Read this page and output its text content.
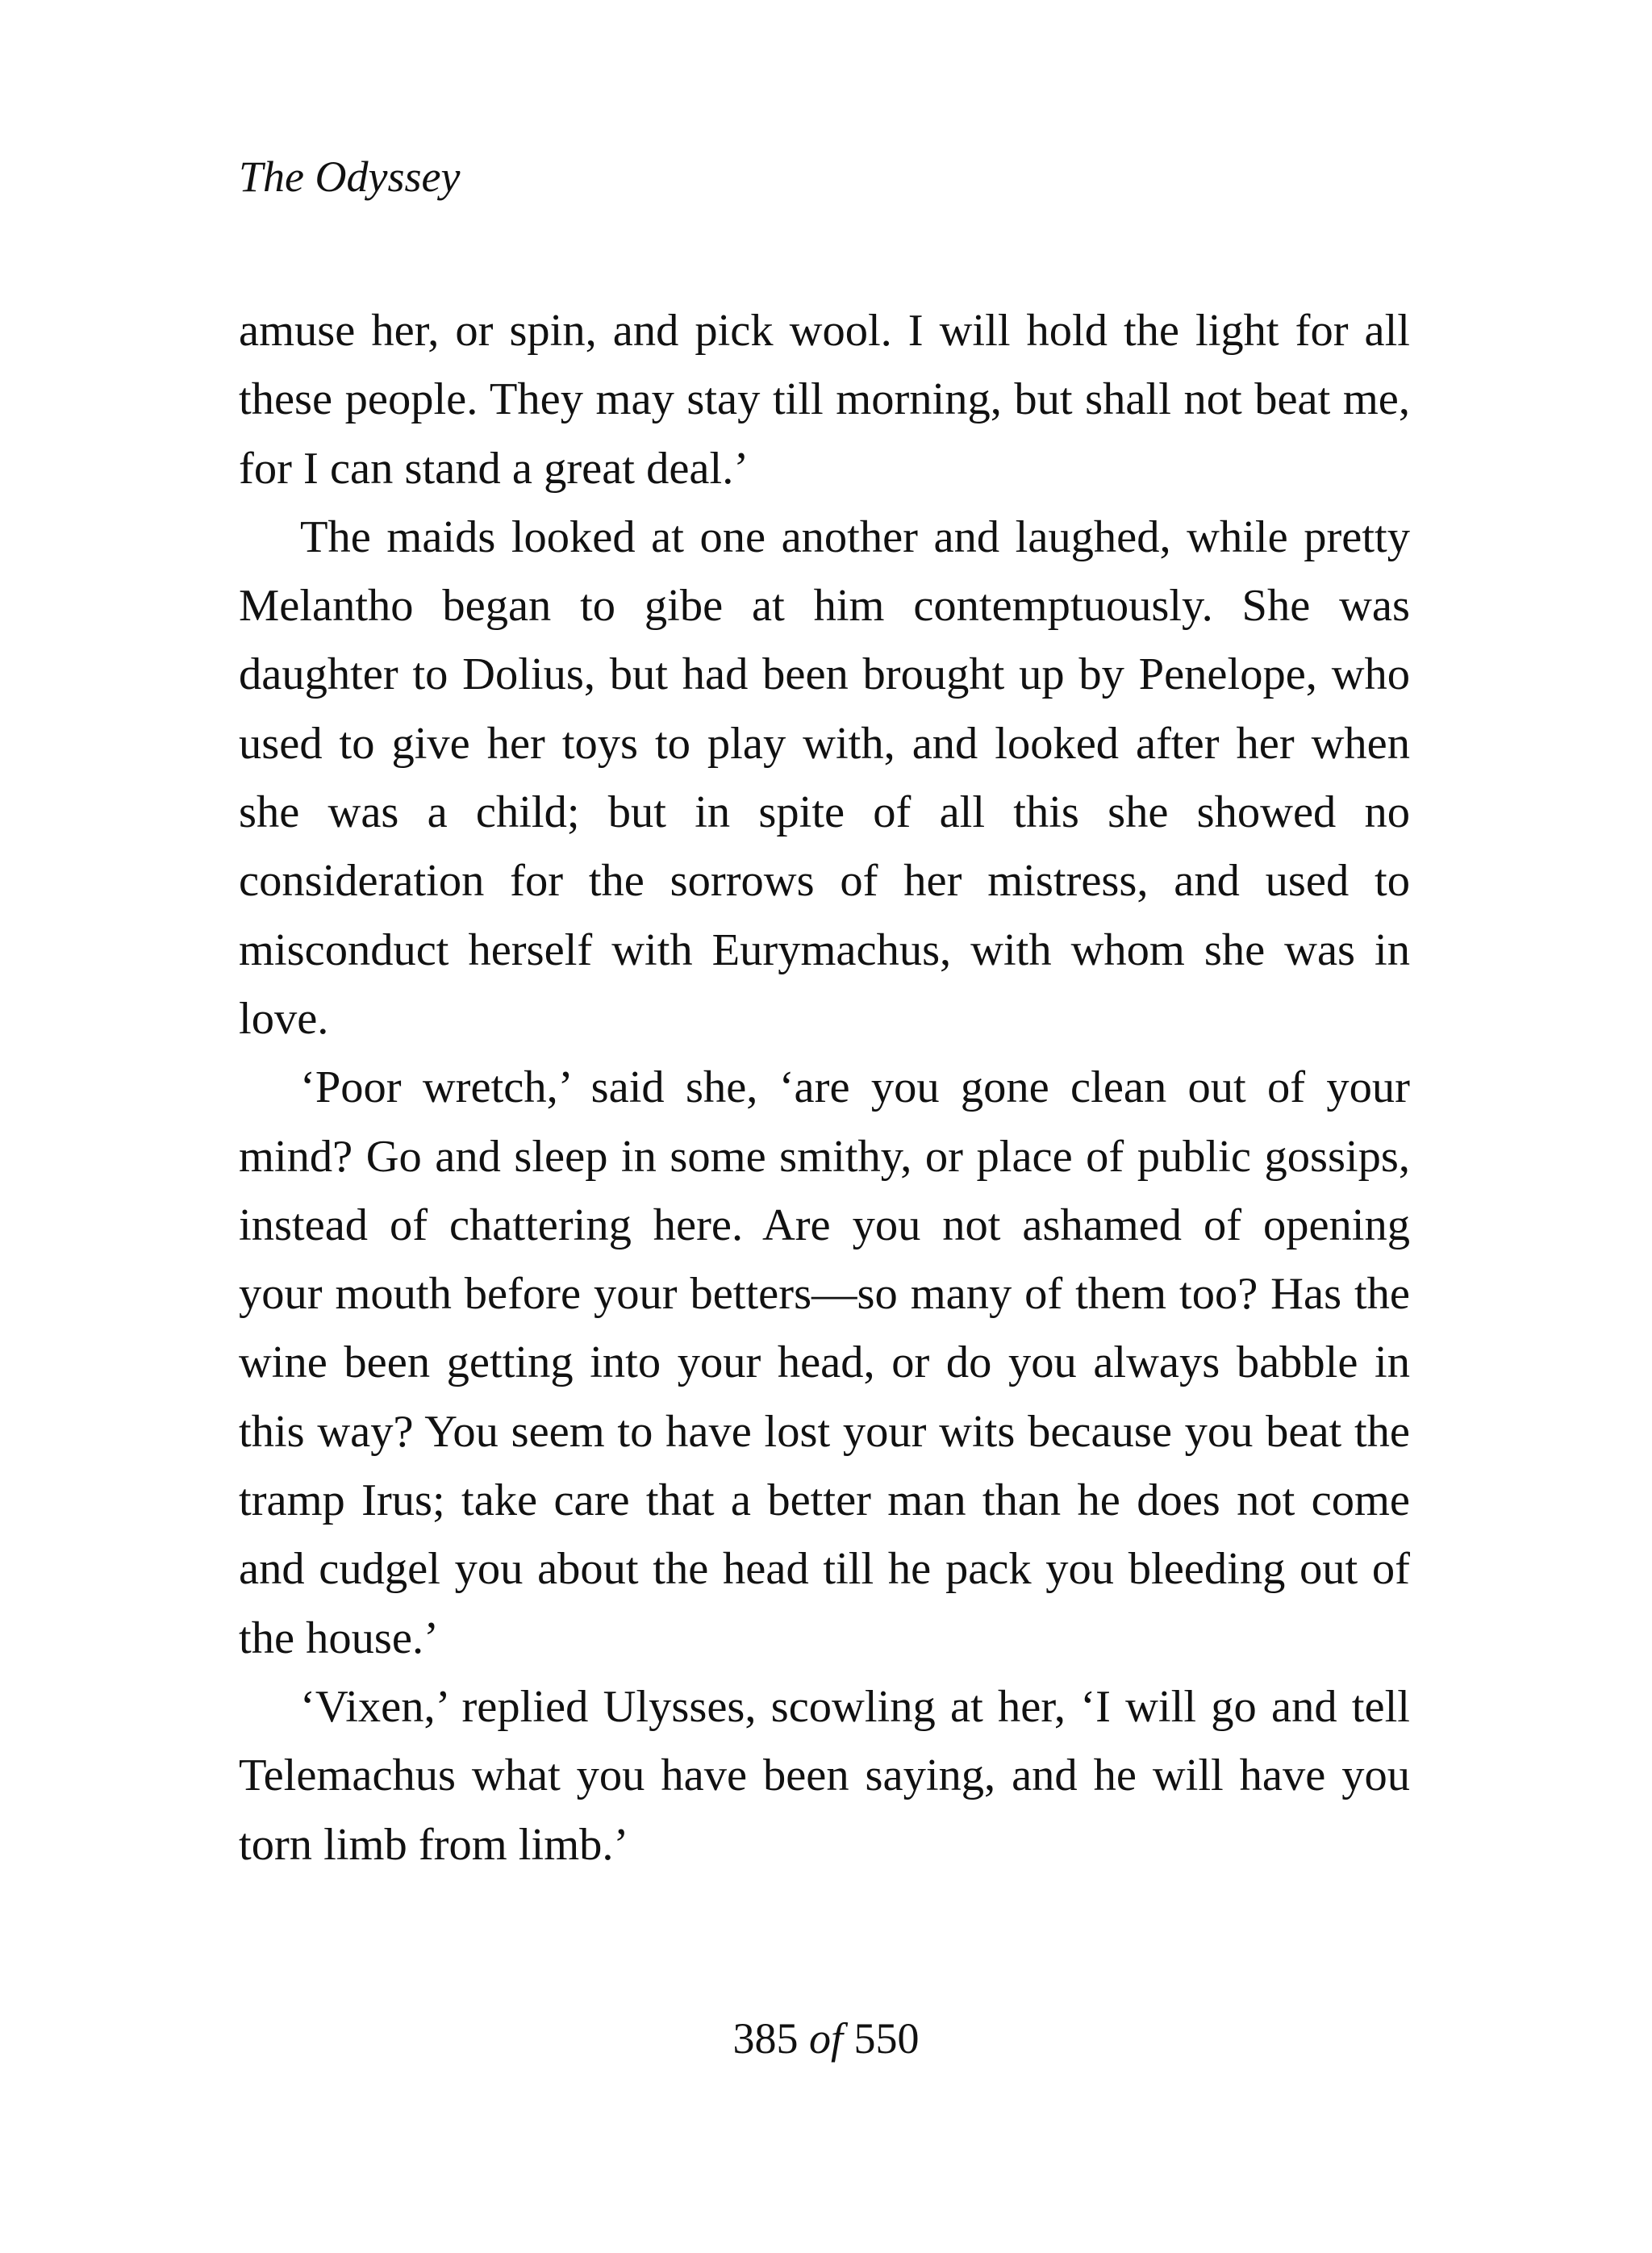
The Odyssey

amuse her, or spin, and pick wool. I will hold the light for all these people. They may stay till morning, but shall not beat me, for I can stand a great deal.’

The maids looked at one another and laughed, while pretty Melantho began to gibe at him contemptuously. She was daughter to Dolius, but had been brought up by Penelope, who used to give her toys to play with, and looked after her when she was a child; but in spite of all this she showed no consideration for the sorrows of her mistress, and used to misconduct herself with Eurymachus, with whom she was in love.

‘Poor wretch,’ said she, ‘are you gone clean out of your mind? Go and sleep in some smithy, or place of public gossips, instead of chattering here. Are you not ashamed of opening your mouth before your betters—so many of them too? Has the wine been getting into your head, or do you always babble in this way? You seem to have lost your wits because you beat the tramp Irus; take care that a better man than he does not come and cudgel you about the head till he pack you bleeding out of the house.’

‘Vixen,’ replied Ulysses, scowling at her, ‘I will go and tell Telemachus what you have been saying, and he will have you torn limb from limb.’

385 of 550
